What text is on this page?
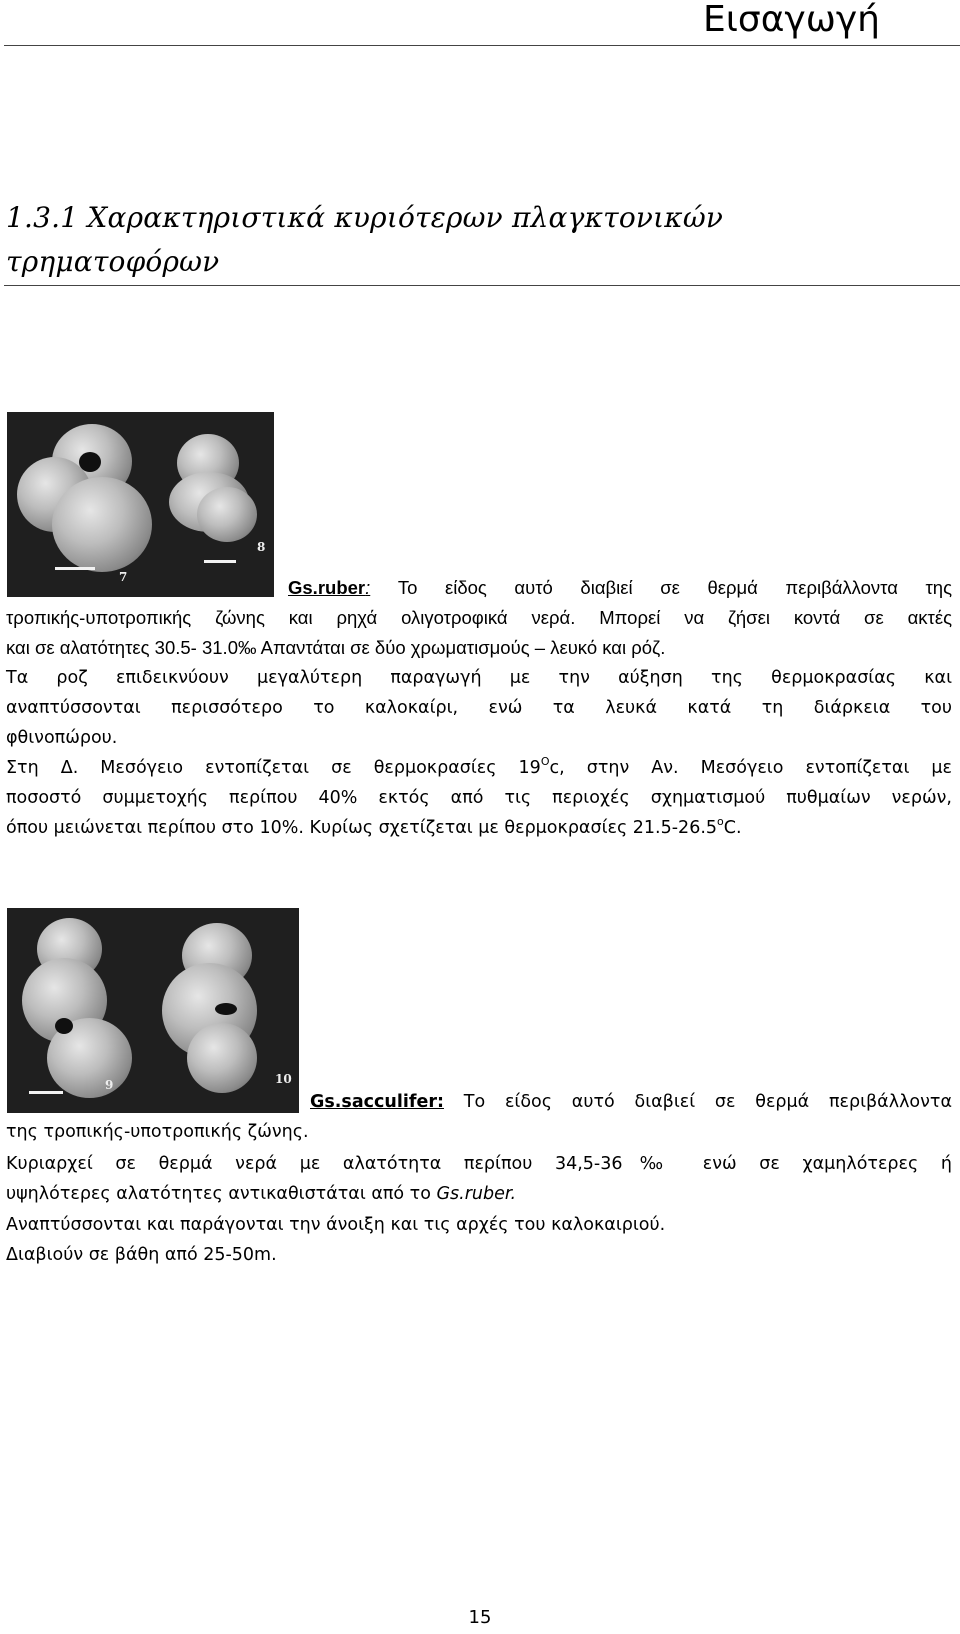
Εισαγωγή
1.3.1 Χαρακτηριστικά κυριότερων πλαγκτονικών τρηματοφόρων
7
8
Gs.ruber: Το είδος αυτό διαβιεί σε θερμά περιβάλλοντα της
τροπικής-υποτροπικής ζώνης και ρηχά ολιγοτροφικά νερά. Μπορεί να ζήσει κοντά σε ακτές
και σε αλατότητες 30.5- 31.0‰ Απαντάται σε δύο χρωματισμούς – λευκό και ρόζ.
Τα ροζ επιδεικνύουν μεγαλύτερη παραγωγή με την αύξηση της θερμοκρασίας και
αναπτύσσονται περισσότερο το καλοκαίρι, ενώ τα λευκά κατά τη διάρκεια του
φθινοπώρου.
Στη Δ. Μεσόγειο εντοπίζεται σε θερμοκρασίες $19^Oc$, στην Αν. Μεσόγειο εντοπίζεται με
ποσοστό συμμετοχής περίπου 40% εκτός από τις περιοχές σχηματισμού πυθμαίων νερών,
όπου μειώνεται περίπου στο 10%. Κυρίως σχετίζεται με θερμοκρασίες 21.5-26.5$^o$C.
9	10
Gs.sacculifer: Το είδος αυτό διαβιεί σε θερμά περιβάλλοντα
της τροπικής-υποτροπικής ζώνης.
Κυριαρχεί σε θερμά νερά με αλατότητα περίπου 34,5-36‰ ενώ σε χαμηλότερες ή
υψηλότερες αλατότητες αντικαθιστάται από το Gs.ruber.
Αναπτύσσονται και παράγονται την άνοιξη και τις αρχές του καλοκαιριού.
Διαβιούν σε βάθη από 25-50m.
15
